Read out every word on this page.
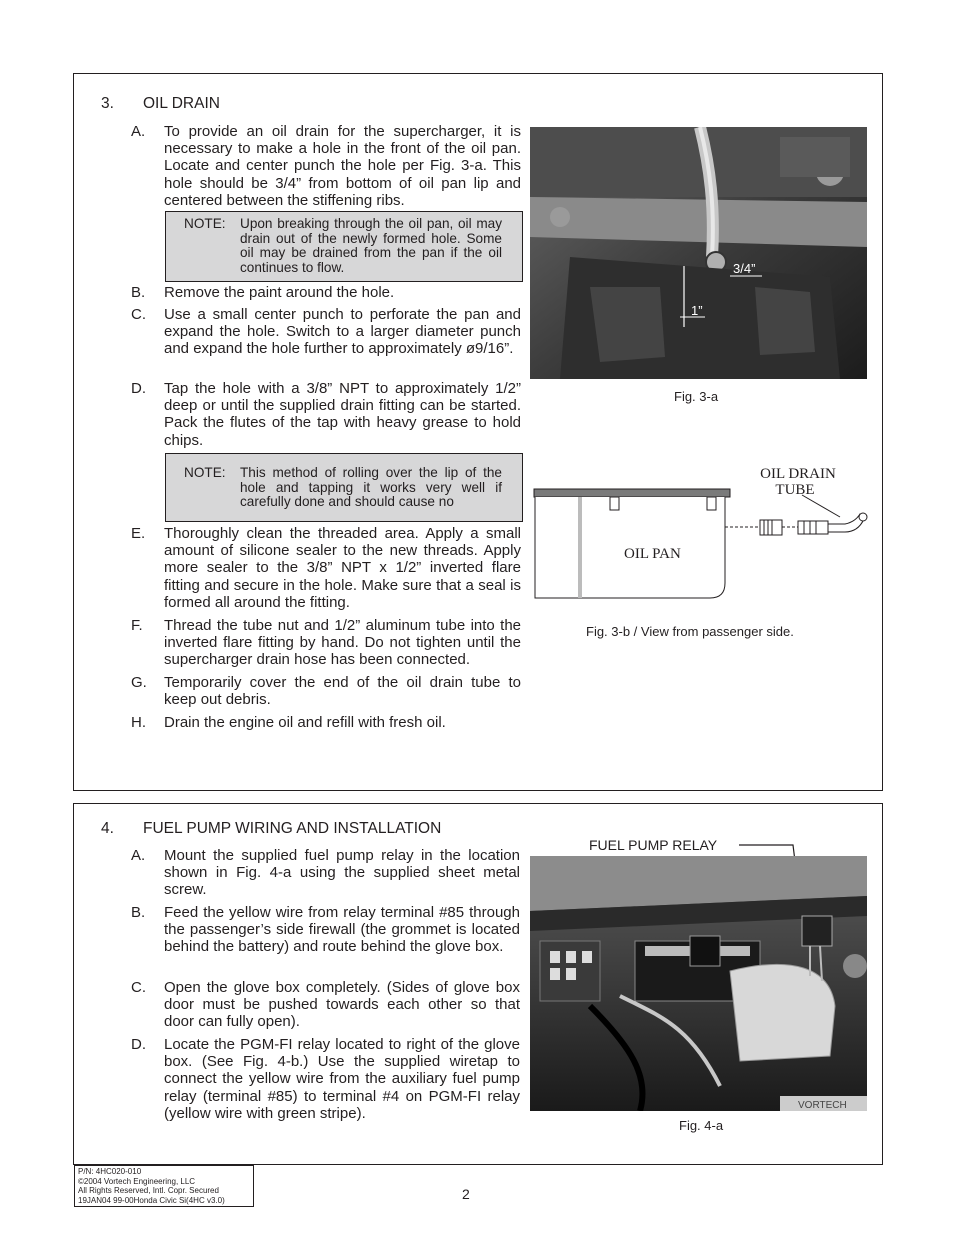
3. OIL DRAIN
A. To provide an oil drain for the supercharger, it is necessary to make a hole in the front of the oil pan. Locate and center punch the hole per Fig. 3-a. This hole should be 3/4” from bottom of oil pan lip and centered between the stiffening ribs.
NOTE: Upon breaking through the oil pan, oil may drain out of the newly formed hole. Some oil may be drained from the pan if the oil continues to flow.
B. Remove the paint around the hole.
C. Use a small center punch to perforate the pan and expand the hole. Switch to a larger diameter punch and expand the hole further to approximately ø9/16”.
D. Tap the hole with a 3/8” NPT to approximately 1/2” deep or until the supplied drain fitting can be started. Pack the flutes of the tap with heavy grease to hold chips.
NOTE: This method of rolling over the lip of the hole and tapping it works very well if carefully done and should cause no
E. Thoroughly clean the threaded area. Apply a small amount of silicone sealer to the new threads. Apply more sealer to the 3/8” NPT x 1/2” inverted flare fitting and secure in the hole. Make sure that a seal is formed all around the fitting.
F. Thread the tube nut and 1/2” aluminum tube into the inverted flare fitting by hand. Do not tighten until the supercharger drain hose has been connected.
G. Temporarily cover the end of the oil drain tube to keep out debris.
H. Drain the engine oil and refill with fresh oil.
3/4”
1”
Fig. 3-a
OIL PAN
OIL DRAIN
TUBE
Fig. 3-b / View from passenger side.
4. FUEL PUMP WIRING AND INSTALLATION
A. Mount the supplied fuel pump relay in the location shown in Fig. 4-a using the supplied sheet metal screw.
B. Feed the yellow wire from relay terminal #85 through the passenger’s side firewall (the grommet is located behind the battery) and route behind the glove box.
C. Open the glove box completely. (Sides of glove box door must be pushed towards each other so that door can fully open).
D. Locate the PGM-FI relay located to right of the glove box. (See Fig. 4-b.) Use the supplied wiretap to connect the yellow wire from the auxiliary fuel pump relay (terminal #85) to terminal #4 on PGM-FI relay (yellow wire with green stripe).
FUEL PUMP RELAY
VORTECH
Fig. 4-a
P/N: 4HC020-010
©2004 Vortech Engineering, LLC
All Rights Reserved, Intl. Copr. Secured
19JAN04 99-00Honda Civic Si(4HC v3.0)	2
